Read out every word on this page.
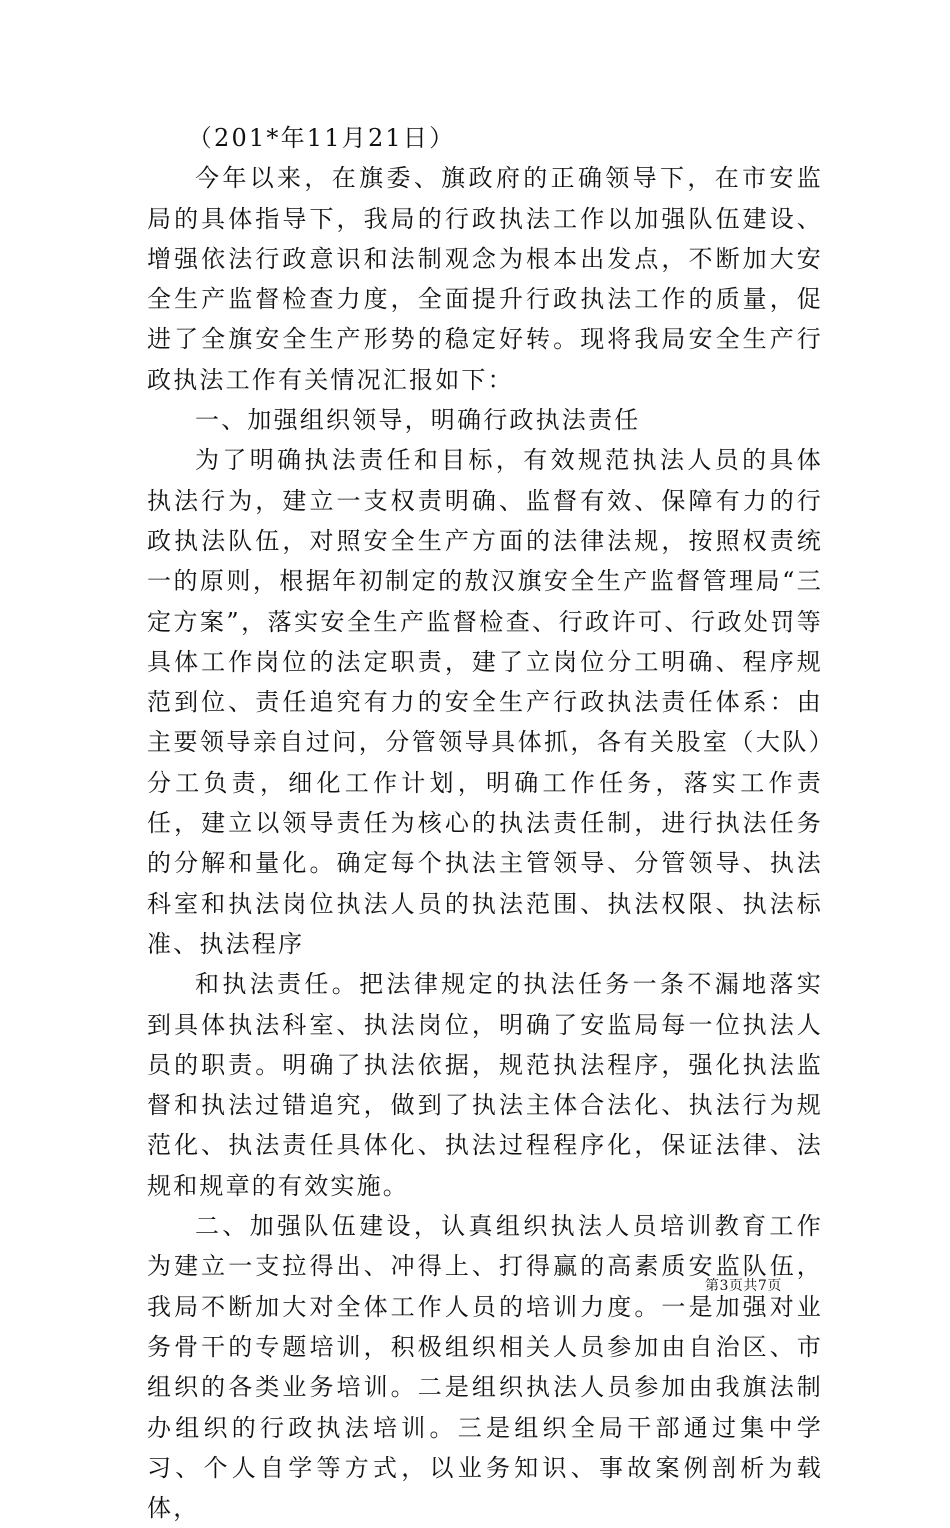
（201*年11月21日）

今年以来，在旗委、旗政府的正确领导下，在市安监局的具体指导下，我局的行政执法工作以加强队伍建设、增强依法行政意识和法制观念为根本出发点，不断加大安全生产监督检查力度，全面提升行政执法工作的质量，促进了全旗安全生产形势的稳定好转。现将我局安全生产行政执法工作有关情况汇报如下：

一、加强组织领导，明确行政执法责任

为了明确执法责任和目标，有效规范执法人员的具体执法行为，建立一支权责明确、监督有效、保障有力的行政执法队伍，对照安全生产方面的法律法规，按照权责统一的原则，根据年初制定的敖汉旗安全生产监督管理局“三定方案”，落实安全生产监督检查、行政许可、行政处罚等具体工作岗位的法定职责，建了立岗位分工明确、程序规范到位、责任追究有力的安全生产行政执法责任体系：由主要领导亲自过问，分管领导具体抓，各有关股室（大队）分工负责，细化工作计划，明确工作任务，落实工作责任，建立以领导责任为核心的执法责任制，进行执法任务的分解和量化。确定每个执法主管领导、分管领导、执法科室和执法岗位执法人员的执法范围、执法权限、执法标准、执法程序

和执法责任。把法律规定的执法任务一条不漏地落实到具体执法科室、执法岗位，明确了安监局每一位执法人员的职责。明确了执法依据，规范执法程序，强化执法监督和执法过错追究，做到了执法主体合法化、执法行为规范化、执法责任具体化、执法过程程序化，保证法律、法规和规章的有效实施。

二、加强队伍建设，认真组织执法人员培训教育工作为建立一支拉得出、冲得上、打得赢的高素质安监队伍，我局不断加大对全体工作人员的培训力度。一是加强对业务骨干的专题培训，积极组织相关人员参加由自治区、市组织的各类业务培训。二是组织执法人员参加由我旗法制办组织的行政执法培训。三是组织全局干部通过集中学习、个人自学等方式，以业务知识、事故案例剖析为载体，

第3页共7页
